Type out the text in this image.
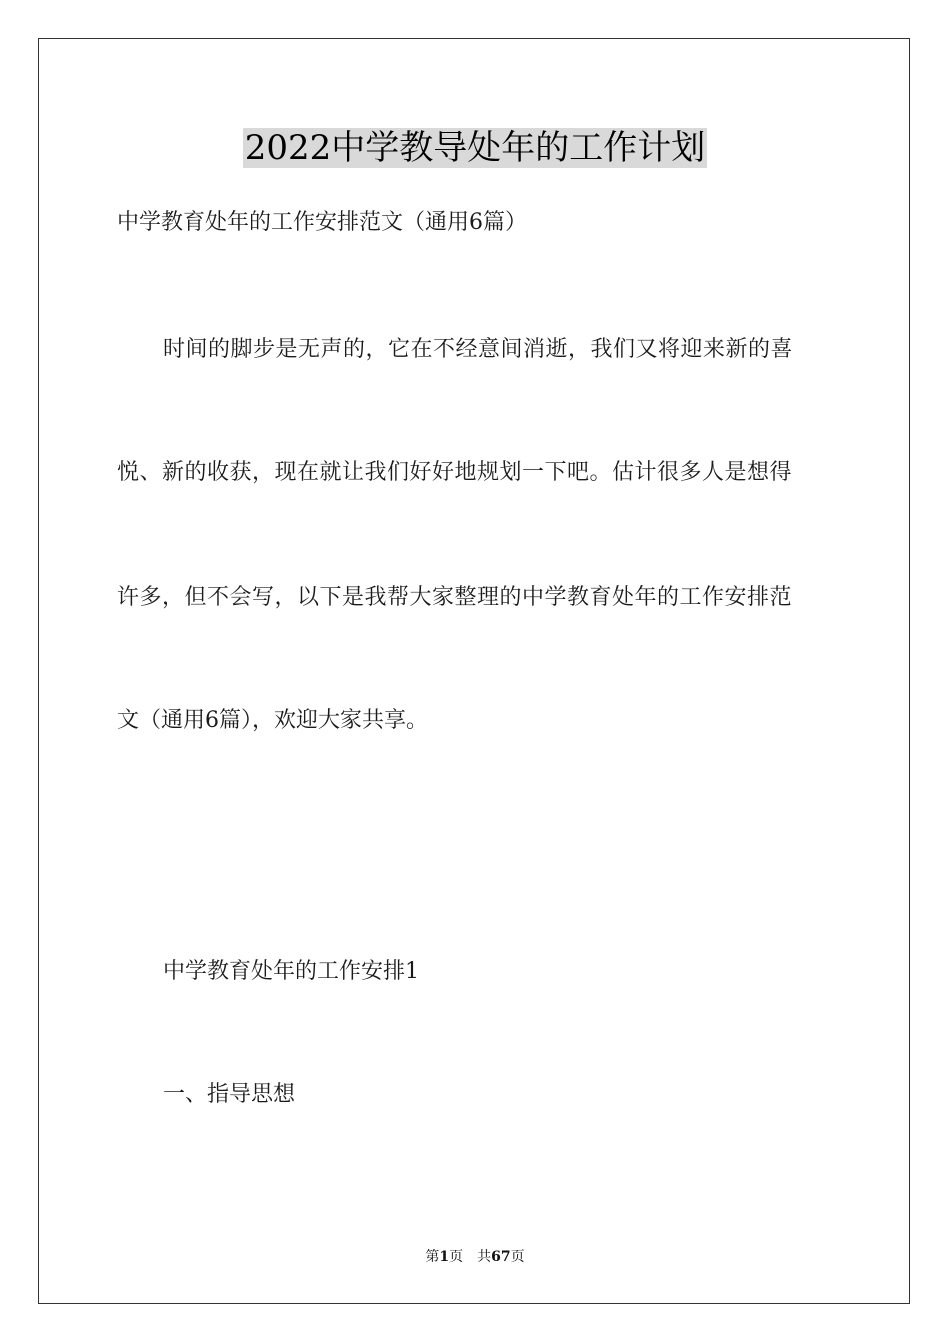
2022中学教导处年的工作计划
中学教育处年的工作安排范文（通用6篇）
时间的脚步是无声的，它在不经意间消逝，我们又将迎来新的喜
悦、新的收获，现在就让我们好好地规划一下吧。估计很多人是想得
许多，但不会写，以下是我帮大家整理的中学教育处年的工作安排范
文（通用6篇），欢迎大家共享。
中学教育处年的工作安排1
一、指导思想
第1页 共67页
